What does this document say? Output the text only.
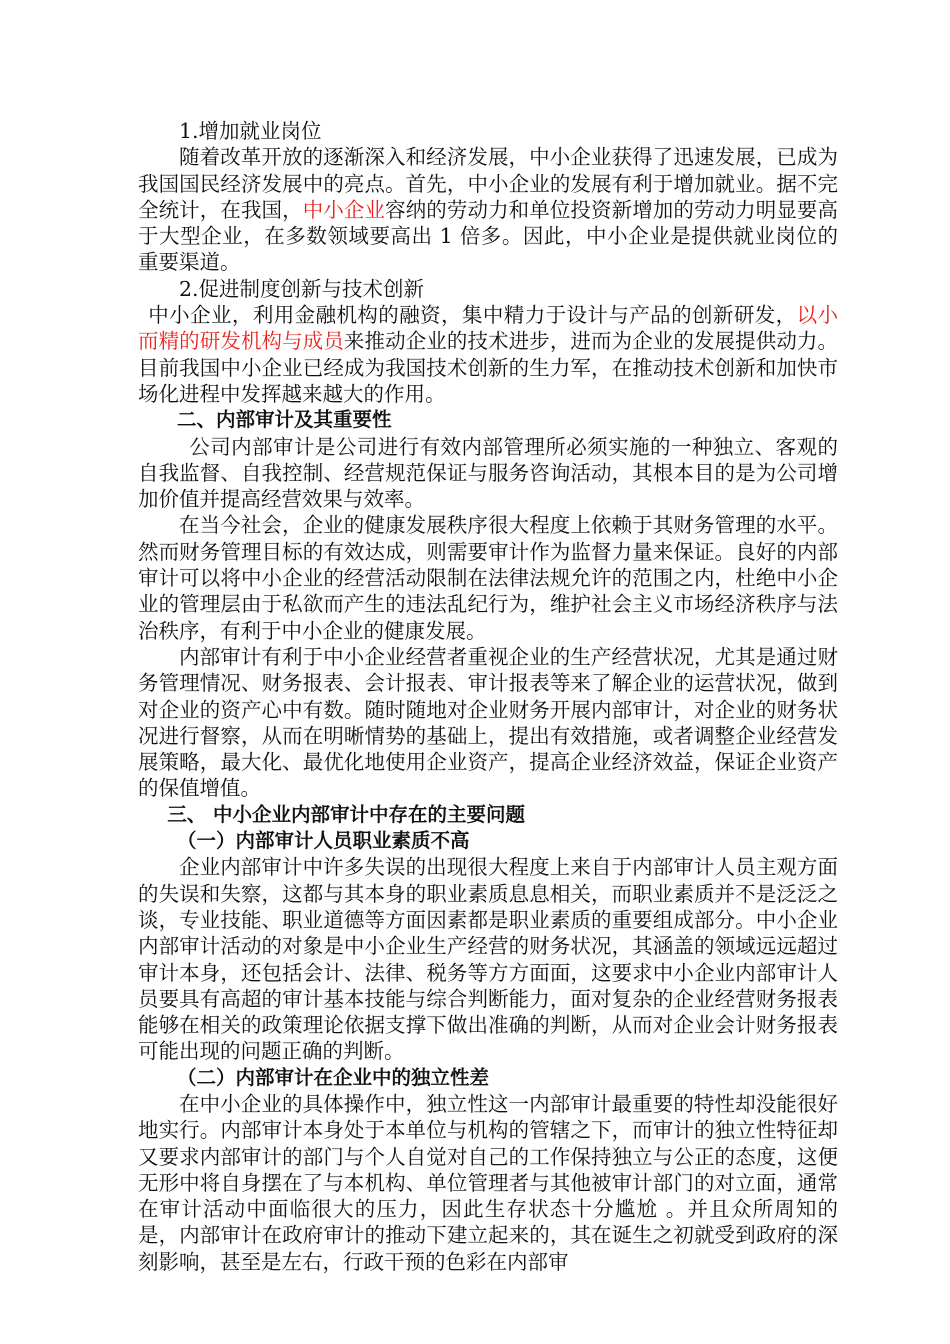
1.增加就业岗位

随着改革开放的逐渐深入和经济发展，中小企业获得了迅速发展，已成为我国国民经济发展中的亮点。首先，中小企业的发展有利于增加就业。据不完全统计，在我国，中小企业容纳的劳动力和单位投资新增加的劳动力明显要高于大型企业，在多数领域要高出 1 倍多。因此，中小企业是提供就业岗位的重要渠道。

2.促进制度创新与技术创新

中小企业，利用金融机构的融资，集中精力于设计与产品的创新研发，以小而精的研发机构与成员来推动企业的技术进步，进而为企业的发展提供动力。目前我国中小企业已经成为我国技术创新的生力军，在推动技术创新和加快市场化进程中发挥越来越大的作用。

二、内部审计及其重要性

公司内部审计是公司进行有效内部管理所必须实施的一种独立、客观的自我监督、自我控制、经营规范保证与服务咨询活动，其根本目的是为公司增加价值并提高经营效果与效率。

在当今社会，企业的健康发展秩序很大程度上依赖于其财务管理的水平。然而财务管理目标的有效达成，则需要审计作为监督力量来保证。良好的内部审计可以将中小企业的经营活动限制在法律法规允许的范围之内，杜绝中小企业的管理层由于私欲而产生的违法乱纪行为，维护社会主义市场经济秩序与法治秩序，有利于中小企业的健康发展。

内部审计有利于中小企业经营者重视企业的生产经营状况，尤其是通过财务管理情况、财务报表、会计报表、审计报表等来了解企业的运营状况，做到对企业的资产心中有数。随时随地对企业财务开展内部审计，对企业的财务状况进行督察，从而在明晰情势的基础上，提出有效措施，或者调整企业经营发展策略，最大化、最优化地使用企业资产，提高企业经济效益，保证企业资产的保值增值。

三、 中小企业内部审计中存在的主要问题

（一）内部审计人员职业素质不高

企业内部审计中许多失误的出现很大程度上来自于内部审计人员主观方面的失误和失察，这都与其本身的职业素质息息相关，而职业素质并不是泛泛之谈，专业技能、职业道德等方面因素都是职业素质的重要组成部分。中小企业内部审计活动的对象是中小企业生产经营的财务状况，其涵盖的领域远远超过审计本身，还包括会计、法律、税务等方方面面，这要求中小企业内部审计人员要具有高超的审计基本技能与综合判断能力，面对复杂的企业经营财务报表能够在相关的政策理论依据支撑下做出准确的判断，从而对企业会计财务报表可能出现的问题正确的判断。

（二）内部审计在企业中的独立性差

在中小企业的具体操作中，独立性这一内部审计最重要的特性却没能很好地实行。内部审计本身处于本单位与机构的管辖之下，而审计的独立性特征却又要求内部审计的部门与个人自觉对自己的工作保持独立与公正的态度，这便无形中将自身摆在了与本机构、单位管理者与其他被审计部门的对立面，通常在审计活动中面临很大的压力，因此生存状态十分尴尬 。并且众所周知的是，内部审计在政府审计的推动下建立起来的，其在诞生之初就受到政府的深刻影响，甚至是左右，行政干预的色彩在内部审
